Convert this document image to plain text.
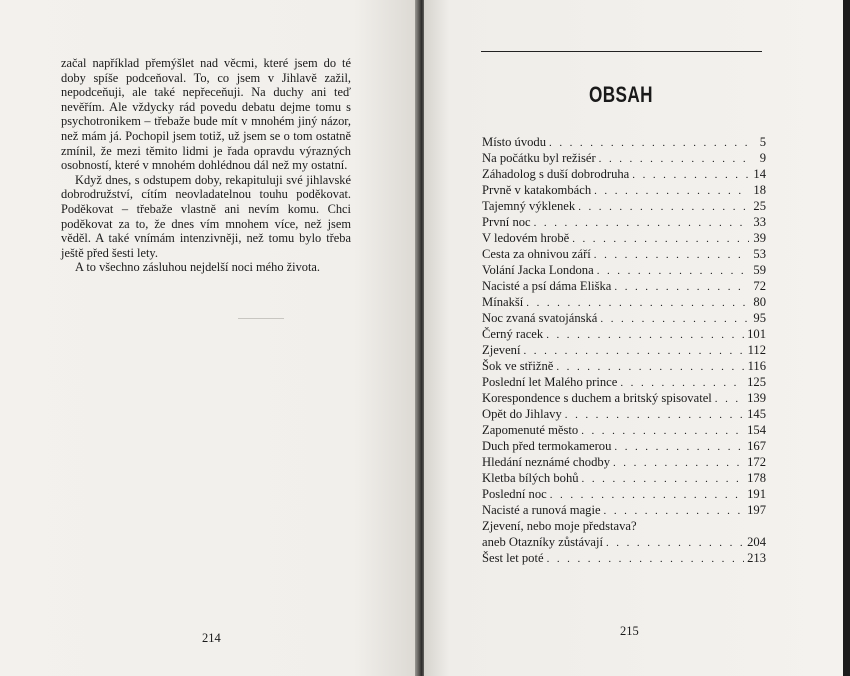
začal například přemýšlet nad věcmi, které jsem do té doby spíše podceňoval. To, co jsem v Jihlavě zažil, nepodceňuji, ale také nepřeceňuji. Na duchy ani teď nevěřím. Ale vždycky rád povedu debatu dejme tomu s psychotronikem – třebaže bude mít v mnohém jiný názor, než mám já. Pochopil jsem totiž, už jsem se o tom ostatně zmínil, že mezi těmito lidmi je řada opravdu výrazných osobností, které v mnohém dohlédnou dál než my ostatní.

Když dnes, s odstupem doby, rekapituluji své jihlavské dobrodružství, cítím neovladatelnou touhu poděkovat. Poděkovat – třebaže vlastně ani nevím komu. Chci poděkovat za to, že dnes vím mnohem více, než jsem věděl. A také vnímám intenzivněji, než tomu bylo třeba ještě před šesti lety.

A to všechno zásluhou nejdelší noci mého života.

214
OBSAH
Místo úvodu . . .	5
Na počátku byl režisér . . .	9
Záhadolog s duší dobrodruha . . .	14
Prvně v katakombách . . .	18
Tajemný výklenek . . .	25
První noc . . .	33
V ledovém hrobě . . .	39
Cesta za ohnivou září . . .	53
Volání Jacka Londona . . .	59
Nacisté a psí dáma Eliška . . .	72
Mínakší . . .	80
Noc zvaná svatojánská . . .	95
Černý racek . . .	101
Zjevení . . .	112
Šok ve střižně . . .	116
Poslední let Malého prince . . .	125
Korespondence s duchem a britský spisovatel . . .	139
Opět do Jihlavy . . .	145
Zapomenuté město . . .	154
Duch před termokamerou . . .	167
Hledání neznámé chodby . . .	172
Kletba bílých bohů . . .	178
Poslední noc . . .	191
Nacisté a runová magie . . .	197
Zjevení, nebo moje představa?
aneb Otazníky zůstávají . . .	204
Šest let poté . . .	213
215
